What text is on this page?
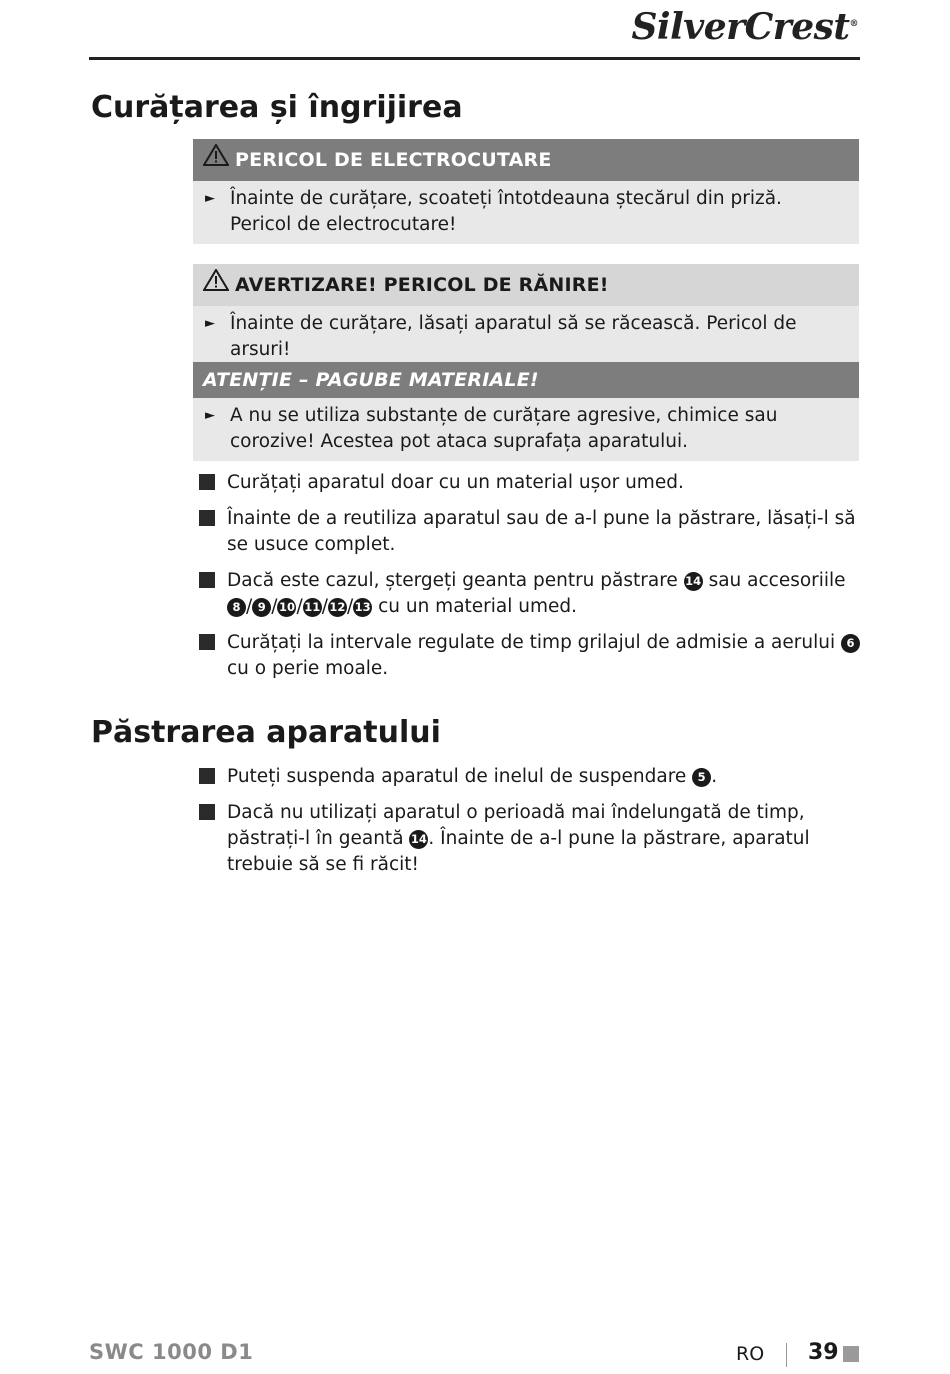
SilverCrest®
Curățarea și îngrijirea
PERICOL DE ELECTROCUTARE
► Înainte de curățare, scoateți întotdeauna ștecărul din priză. Pericol de electrocutare!
AVERTIZARE! PERICOL DE RĂNIRE!
► Înainte de curățare, lăsați aparatul să se răcească. Pericol de arsuri!
ATENȚIE – PAGUBE MATERIALE!
► A nu se utiliza substanțe de curățare agresive, chimice sau corozive! Acestea pot ataca suprafața aparatului.
Curățați aparatul doar cu un material ușor umed.
Înainte de a reutiliza aparatul sau de a-l pune la păstrare, lăsați-l să se usuce complet.
Dacă este cazul, ștergeți geanta pentru păstrare 14 sau accesoriile
8 / 9 /10/11/12/13 cu un material umed.
Curățați la intervale regulate de timp grilajul de admisie a aerului 6 cu o perie moale.
Păstrarea aparatului
Puteți suspenda aparatul de inelul de suspendare 5 .
Dacă nu utilizați aparatul o perioadă mai îndelungată de timp, păstrați-l în geantă 14. Înainte de a-l pune la păstrare, aparatul trebuie să se fi răcit!
SWC 1000 D1	RO 39
